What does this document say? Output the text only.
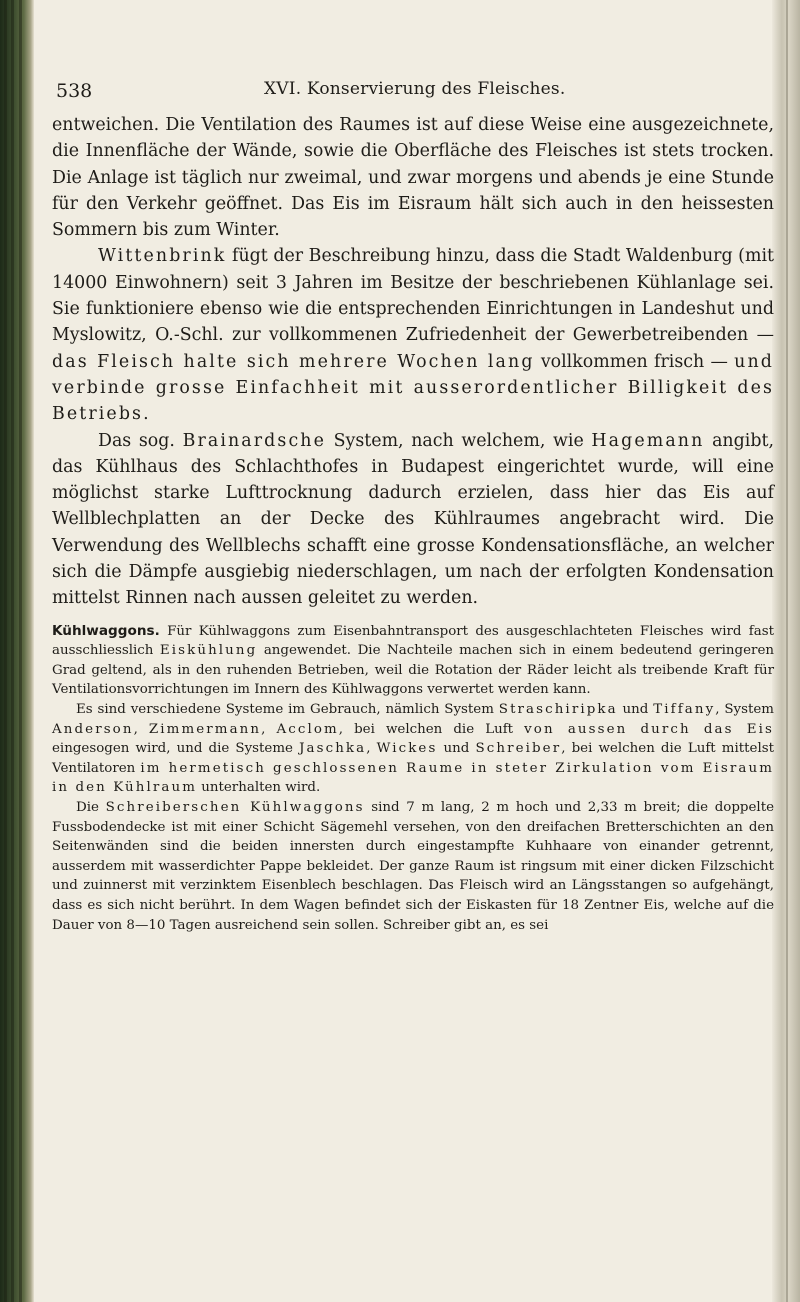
538	XVI. Konservierung des Fleisches.

entweichen. Die Ventilation des Raumes ist auf diese Weise eine ausgezeichnete, die Innenfläche der Wände, sowie die Oberfläche des Fleisches ist stets trocken. Die Anlage ist täglich nur zweimal, und zwar morgens und abends je eine Stunde für den Verkehr geöffnet. Das Eis im Eisraum hält sich auch in den heissesten Sommern bis zum Winter.

Wittenbrink fügt der Beschreibung hinzu, dass die Stadt Waldenburg (mit 14000 Einwohnern) seit 3 Jahren im Besitze der beschriebenen Kühlanlage sei. Sie funktioniere ebenso wie die entsprechenden Einrichtungen in Landeshut und Myslowitz, O.-Schl. zur vollkommenen Zufriedenheit der Gewerbetreibenden — das Fleisch halte sich mehrere Wochen lang vollkommen frisch — und verbinde grosse Einfachheit mit ausserordentlicher Billigkeit des Betriebs.

Das sog. Brainardsche System, nach welchem, wie Hagemann angibt, das Kühlhaus des Schlachthofes in Budapest eingerichtet wurde, will eine möglichst starke Lufttrocknung dadurch erzielen, dass hier das Eis auf Wellblechplatten an der Decke des Kühlraumes angebracht wird. Die Verwendung des Wellblechs schafft eine grosse Kondensationsfläche, an welcher sich die Dämpfe ausgiebig niederschlagen, um nach der erfolgten Kondensation mittelst Rinnen nach aussen geleitet zu werden.

Kühlwaggons. Für Kühlwaggons zum Eisenbahntransport des ausgeschlachteten Fleisches wird fast ausschliesslich Eiskühlung angewendet. Die Nachteile machen sich in einem bedeutend geringeren Grad geltend, als in den ruhenden Betrieben, weil die Rotation der Räder leicht als treibende Kraft für Ventilationsvorrichtungen im Innern des Kühlwaggons verwertet werden kann.

Es sind verschiedene Systeme im Gebrauch, nämlich System Straschiripka und Tiffany, System Anderson, Zimmermann, Acclom, bei welchen die Luft von aussen durch das Eis eingesogen wird, und die Systeme Jaschka, Wickes und Schreiber, bei welchen die Luft mittelst Ventilatoren im hermetisch geschlossenen Raume in steter Zirkulation vom Eisraum in den Kühlraum unterhalten wird.

Die Schreiberschen Kühlwaggons sind 7 m lang, 2 m hoch und 2,33 m breit; die doppelte Fussbodendecke ist mit einer Schicht Sägemehl versehen, von den dreifachen Bretterschichten an den Seitenwänden sind die beiden innersten durch eingestampfte Kuhhaare von einander getrennt, ausserdem mit wasserdichter Pappe bekleidet. Der ganze Raum ist ringsum mit einer dicken Filzschicht und zuinnerst mit verzinktem Eisenblech beschlagen. Das Fleisch wird an Längsstangen so aufgehängt, dass es sich nicht berührt. In dem Wagen befindet sich der Eiskasten für 18 Zentner Eis, welche auf die Dauer von 8—10 Tagen ausreichend sein sollen. Schreiber gibt an, es sei
